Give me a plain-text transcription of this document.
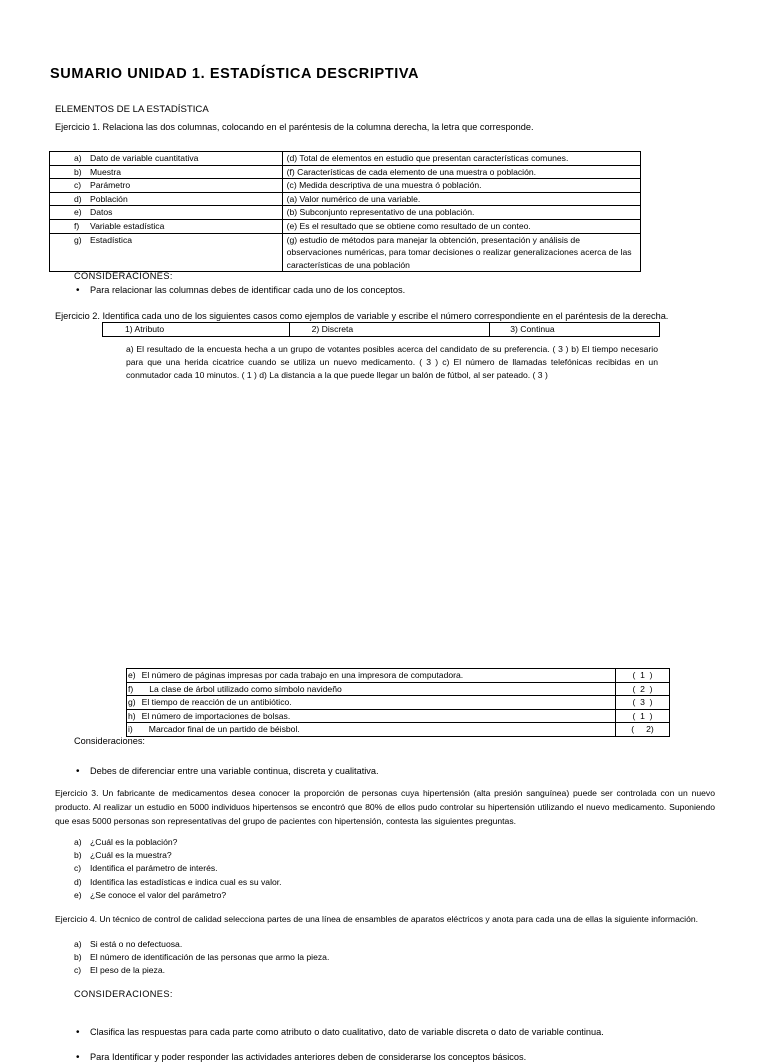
SUMARIO UNIDAD 1. ESTADÍSTICA DESCRIPTIVA
ELEMENTOS DE LA ESTADÍSTICA
Ejercicio 1. Relaciona las dos columnas, colocando en el paréntesis de la columna derecha, la letra que corresponde.
a) Dato de variable cuantitativa	(d) Total de elementos en estudio que presentan características comunes.

b) Muestra	(f) Características de cada elemento de una muestra o población.

c) Parámetro	(c) Medida descriptiva de una muestra ó población.

d) Población	(a) Valor numérico de una variable.

e) Datos	(b) Subconjunto representativo de una población.

f) Variable estadística	(e) Es el resultado que se obtiene como resultado de un conteo.

g) Estadística	(g) estudio de métodos para manejar la obtención, presentación y análisis de observaciones numéricas, para tomar decisiones o realizar generalizaciones acerca de las características de una población
CONSIDERACIONES:
• Para relacionar las columnas debes de identificar cada uno de los conceptos.
Ejercicio 2. Identifica cada uno de los siguientes casos como ejemplos de variable y escribe el número correspondiente en el paréntesis de la derecha.
1) Atributo	2) Discreta	3) Continua
a) El resultado de la encuesta hecha a un grupo de votantes posibles acerca del candidato de su preferencia. ( 3 ) b) El tiempo necesario para que una herida cicatrice cuando se utiliza un nuevo medicamento. ( 3 ) c) El número de llamadas telefónicas recibidas en un conmutador cada 10 minutos. ( 1 ) d) La distancia a la que puede llegar un balón de fútbol, al ser pateado. ( 3 )
e) El número de páginas impresas por cada trabajo en una impresora de computadora.	(  1  )
f) La clase de árbol utilizado como símbolo navideño	(  2  )
g) El tiempo de reacción de un antibiótico.	(  3  )
h) El número de importaciones de bolsas.	(  1  )
i) Marcador final de un partido de béisbol.	(     2)
Consideraciones:
• Debes de diferenciar entre una variable continua, discreta y cualitativa.
Ejercicio 3. Un fabricante de medicamentos desea conocer la proporción de personas cuya hipertensión (alta presión sanguínea) puede ser controlada con un nuevo producto. Al realizar un estudio en 5000 individuos hipertensos se encontró que 80% de ellos pudo controlar su hipertensión utilizando el nuevo medicamento. Suponiendo que esas 5000 personas son representativas del grupo de pacientes con hipertensión, contesta las siguientes preguntas.
a) ¿Cuál es la población?
b) ¿Cuál es la muestra?
c) Identifica el parámetro de interés.
d) Identifica las estadísticas e indica cual es su valor.
e) ¿Se conoce el valor del parámetro?
Ejercicio 4. Un técnico de control de calidad selecciona partes de una línea de ensambles de aparatos eléctricos y anota para cada una de ellas la siguiente información.
a) Si está o no defectuosa.
b) El número de identificación de las personas que armo la pieza.
c) El peso de la pieza.
CONSIDERACIONES:
• Clasifica las respuestas para cada parte como atributo o dato cualitativo, dato de variable discreta o dato de variable continua.
• Para Identificar y poder responder las actividades anteriores deben de considerarse los conceptos básicos.
